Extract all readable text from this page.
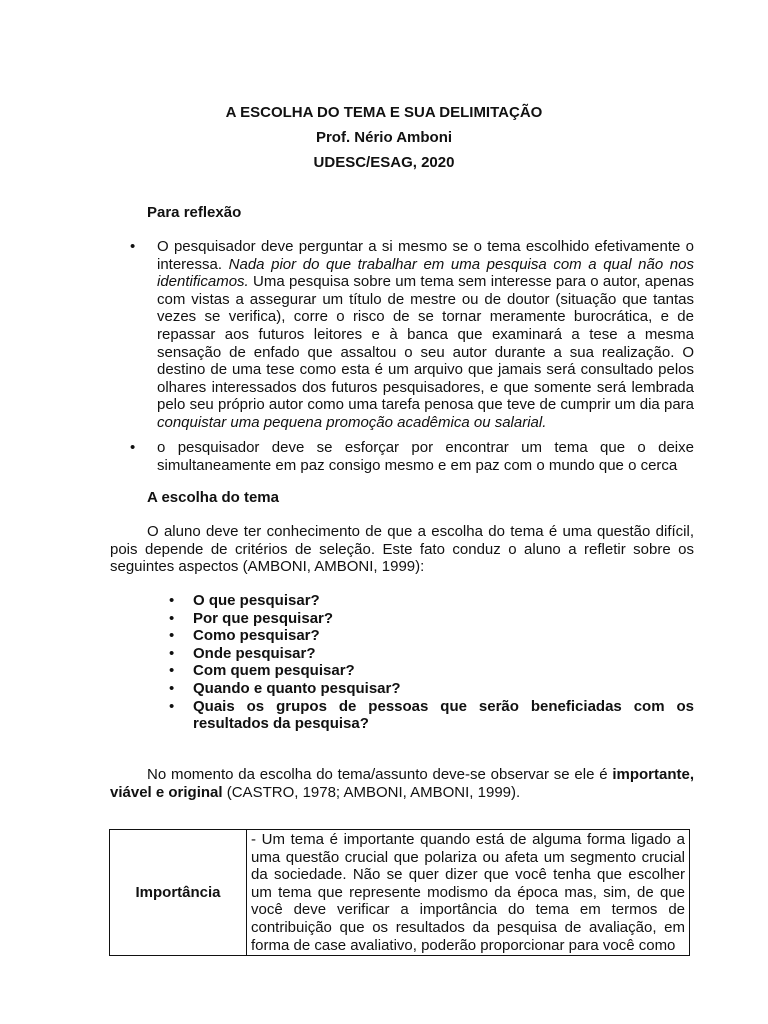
A ESCOLHA DO TEMA E SUA DELIMITAÇÃO
Prof. Nério Amboni
UDESC/ESAG, 2020
Para reflexão
• O pesquisador deve perguntar a si mesmo se o tema escolhido efetivamente o interessa. Nada pior do que trabalhar em uma pesquisa com a qual não nos identificamos. Uma pesquisa sobre um tema sem interesse para o autor, apenas com vistas a assegurar um título de mestre ou de doutor (situação que tantas vezes se verifica), corre o risco de se tornar meramente burocrática, e de repassar aos futuros leitores e à banca que examinará a tese a mesma sensação de enfado que assaltou o seu autor durante a sua realização. O destino de uma tese como esta é um arquivo que jamais será consultado pelos olhares interessados dos futuros pesquisadores, e que somente será lembrada pelo seu próprio autor como uma tarefa penosa que teve de cumprir um dia para conquistar uma pequena promoção acadêmica ou salarial.
• o pesquisador deve se esforçar por encontrar um tema que o deixe simultaneamente em paz consigo mesmo e em paz com o mundo que o cerca
A escolha do tema
O aluno deve ter conhecimento de que a escolha do tema é uma questão difícil, pois depende de critérios de seleção. Este fato conduz o aluno a refletir sobre os seguintes aspectos (AMBONI, AMBONI, 1999):
• O que pesquisar?
• Por que pesquisar?
• Como pesquisar?
• Onde pesquisar?
• Com quem pesquisar?
• Quando e quanto pesquisar?
• Quais os grupos de pessoas que serão beneficiadas com os resultados da pesquisa?
No momento da escolha do tema/assunto deve-se observar se ele é importante, viável e original (CASTRO, 1978; AMBONI, AMBONI, 1999).
Importância	- Um tema é importante quando está de alguma forma ligado a uma questão crucial que polariza ou afeta um segmento crucial da sociedade. Não se quer dizer que você tenha que escolher um tema que represente modismo da época mas, sim, de que você deve verificar a importância do tema em termos de contribuição que os resultados da pesquisa de avaliação, em forma de case avaliativo, poderão proporcionar para você como
